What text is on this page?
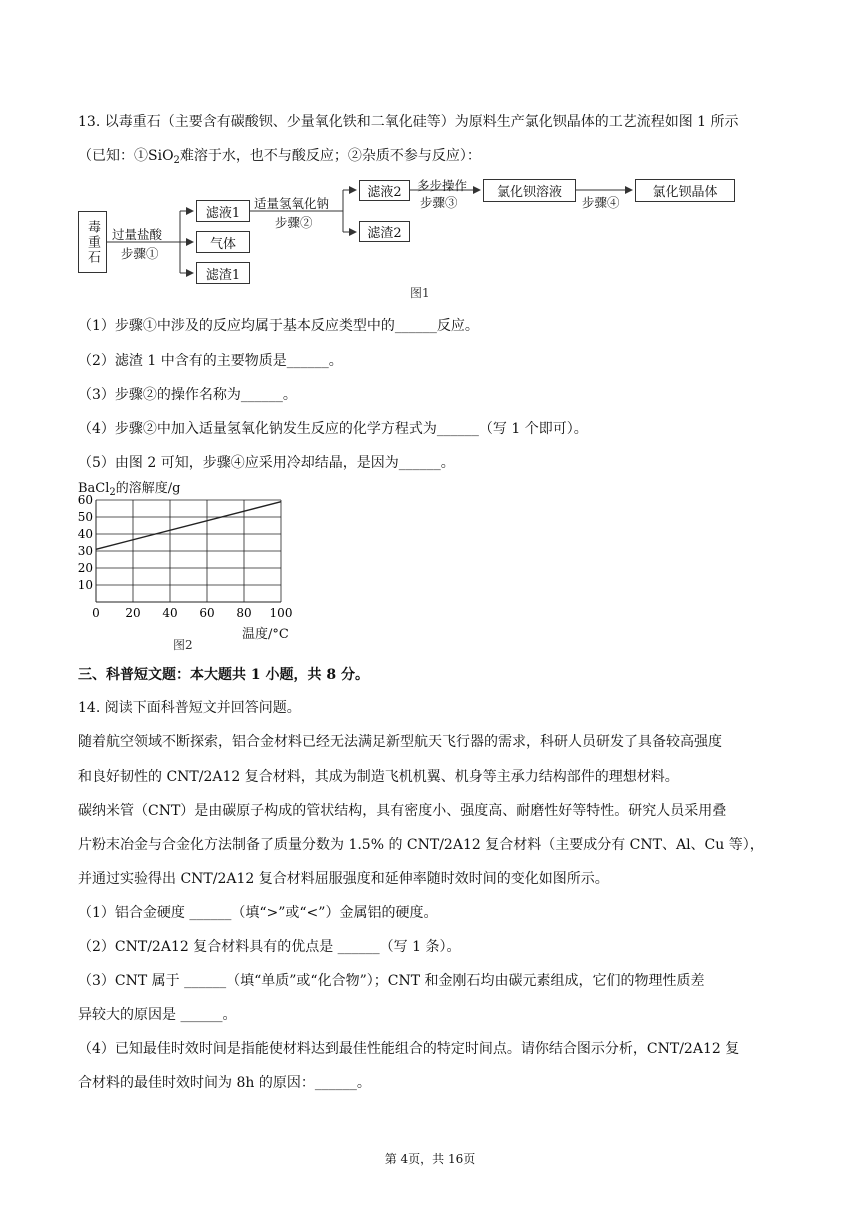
13. 以毒重石（主要含有碳酸钡、少量氧化铁和二氧化硅等）为原料生产氯化钡晶体的工艺流程如图 1 所示
（已知：①SiO$_2$难溶于水，也不与酸反应；②杂质不参与反应）：
毒重石 过量盐酸
步骤①
滤液1
气体
滤渣1
适量氢氧化钠
步骤②
滤液2
滤渣2
多步操作
步骤③
氯化钡溶液
步骤④
氯化钡晶体
图1
（1）步骤①中涉及的反应均属于基本反应类型中的______反应。
（2）滤渣 1 中含有的主要物质是______。
（3）步骤②的操作名称为______。
（4）步骤②中加入适量氢氧化钠发生反应的化学方程式为______（写 1 个即可）。
（5）由图 2 可知，步骤④应采用冷却结晶，是因为______。
BaCl$_2$的溶解度/g
0 20 40 60 80 100
10
20
30
40
50
60
温度/°C
图2
三、科普短文题：本大题共 1 小题，共 8 分。
14. 阅读下面科普短文并回答问题。
随着航空领域不断探索，铝合金材料已经无法满足新型航天飞行器的需求，科研人员研发了具备较高强度
和良好韧性的 CNT/2A12 复合材料，其成为制造飞机机翼、机身等主承力结构部件的理想材料。
碳纳米管（CNT）是由碳原子构成的管状结构，具有密度小、强度高、耐磨性好等特性。研究人员采用叠
片粉末冶金与合金化方法制备了质量分数为 1.5% 的 CNT/2A12 复合材料（主要成分有 CNT、Al、Cu 等），
并通过实验得出 CNT/2A12 复合材料屈服强度和延伸率随时效时间的变化如图所示。
（1）铝合金硬度 ______（填“>”或“<”）金属铝的硬度。
（2）CNT/2A12 复合材料具有的优点是 ______（写 1 条）。
（3）CNT 属于 ______（填“单质”或“化合物”）；CNT 和金刚石均由碳元素组成，它们的物理性质差
异较大的原因是 ______。
（4）已知最佳时效时间是指能使材料达到最佳性能组合的特定时间点。请你结合图示分析，CNT/2A12 复
合材料的最佳时效时间为 8h 的原因：______。
第 4页，共 16页
